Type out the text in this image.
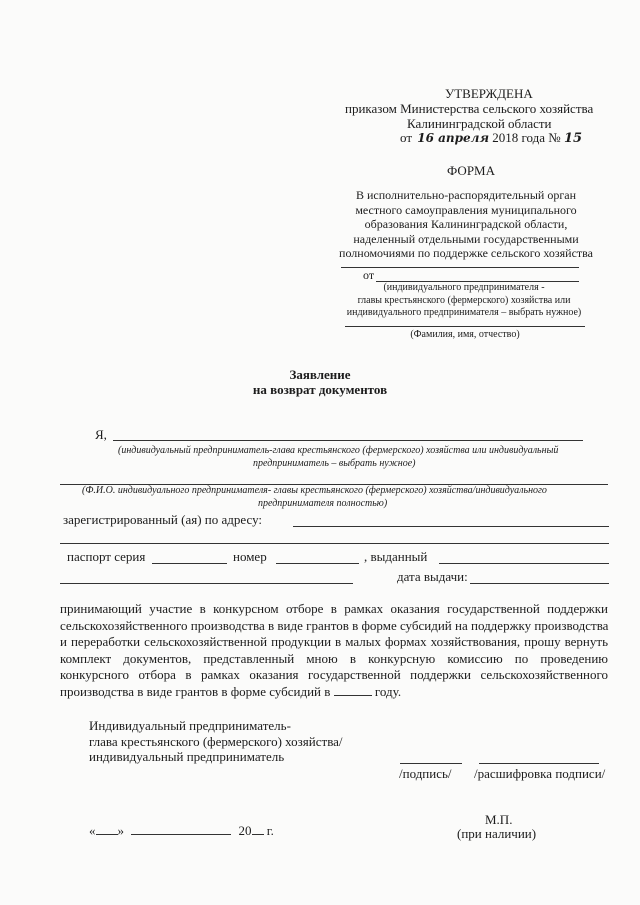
УТВЕРЖДЕНА
приказом Министерства сельского хозяйства
Калининградской области
от 16 апреля 2018 года № 15
ФОРМА
В исполнительно-распорядительный орган
местного самоуправления муниципального
образования Калининградской области,
наделенный отдельными государственными
полномочиями по поддержке сельского хозяйства
от
(индивидуального предпринимателя -
главы крестьянского (фермерского) хозяйства или
индивидуального предпринимателя – выбрать нужное)
(Фамилия, имя, отчество)
Заявление
на возврат документов
Я,
(индивидуальный предприниматель-глава крестьянского (фермерского) хозяйства или индивидуальный
предприниматель – выбрать нужное)
(Ф.И.О. индивидуального предпринимателя- главы крестьянского (фермерского) хозяйства/индивидуального
предпринимателя полностью)
зарегистрированный (ая) по адресу:
паспорт серия	номер	, выданный
дата выдачи:
принимающий участие в конкурсном отборе в рамках оказания государственной поддержки
сельскохозяйственного производства в виде грантов в форме субсидий на поддержку производства
и переработки сельскохозяйственной продукции в малых формах хозяйствования, прошу вернуть
комплект документов, представленный мною в конкурсную комиссию по проведению
конкурсного отбора в рамках оказания государственной поддержки сельскохозяйственного
производства в виде грантов в форме субсидий в	году.
Индивидуальный предприниматель-
глава крестьянского (фермерского) хозяйства/
индивидуальный предприниматель
/подпись/ /расшифровка подписи/
М.П.
(при наличии)
« »	20 г.
